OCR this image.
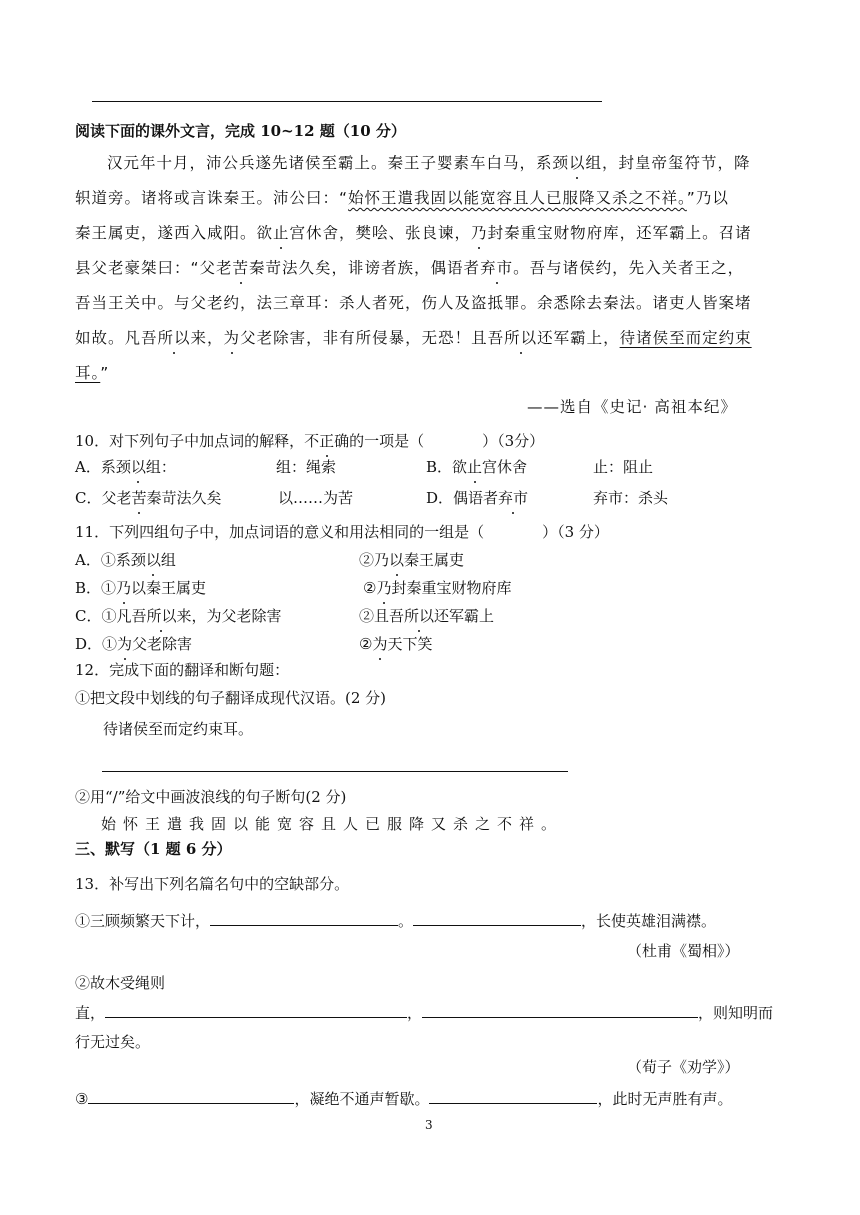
阅读下面的课外文言，完成 10~12 题（10 分）
汉元年十月，沛公兵遂先诸侯至霸上。秦王子婴素车白马，系颈以组，封皇帝玺符节，降
轵道旁。诸将或言诛秦王。沛公曰：“始怀王遣我固以能宽容且人已服降又杀之不祥。”乃以
秦王属吏，遂西入咸阳。欲止宫休舍，樊哙、张良谏，乃封秦重宝财物府库，还军霸上。召诸
县父老豪桀曰：“父老苦秦苛法久矣，诽谤者族，偶语者弃市。吾与诸侯约，先入关者王之，
吾当王关中。与父老约，法三章耳：杀人者死，伤人及盗抵罪。余悉除去秦法。诸吏人皆案堵
如故。凡吾所以来，为父老除害，非有所侵暴，无恐！且吾所以还军霸上，待诸侯至而定约束
耳。”
——选自《史记· 高祖本纪》
10．对下列句子中加点词的解释，不正确的一项是（	）（3分）
A．系颈以组：	组：绳索	B．欲止宫休舍	止：阻止
C．父老苦秦苛法久矣	以……为苦	D．偶语者弃市	弃市：杀头
11．下列四组句子中，加点词语的意义和用法相同的一组是（	）（3 分）
A．①系颈以组	②乃以秦王属吏
B．①乃以秦王属吏	②乃封秦重宝财物府库
C．①凡吾所以来，为父老除害	②且吾所以还军霸上
D．①为父老除害	②为天下笑
12．完成下面的翻译和断句题：
①把文段中划线的句子翻译成现代汉语。(2 分)
待诸侯至而定约束耳。
②用“/”给文中画波浪线的句子断句(2 分)
始怀王遣我固以能宽容且人已服降又杀之不祥。
三、默写（1 题 6 分）
13．补写出下列名篇名句中的空缺部分。
①三顾频繁天下计，	。	，长使英雄泪满襟。
（杜甫《蜀相》）
②故木受绳则
直，	，	，则知明而
行无过矣。
（荀子《劝学》）
③	，凝绝不通声暂歇。	，此时无声胜有声。
3
